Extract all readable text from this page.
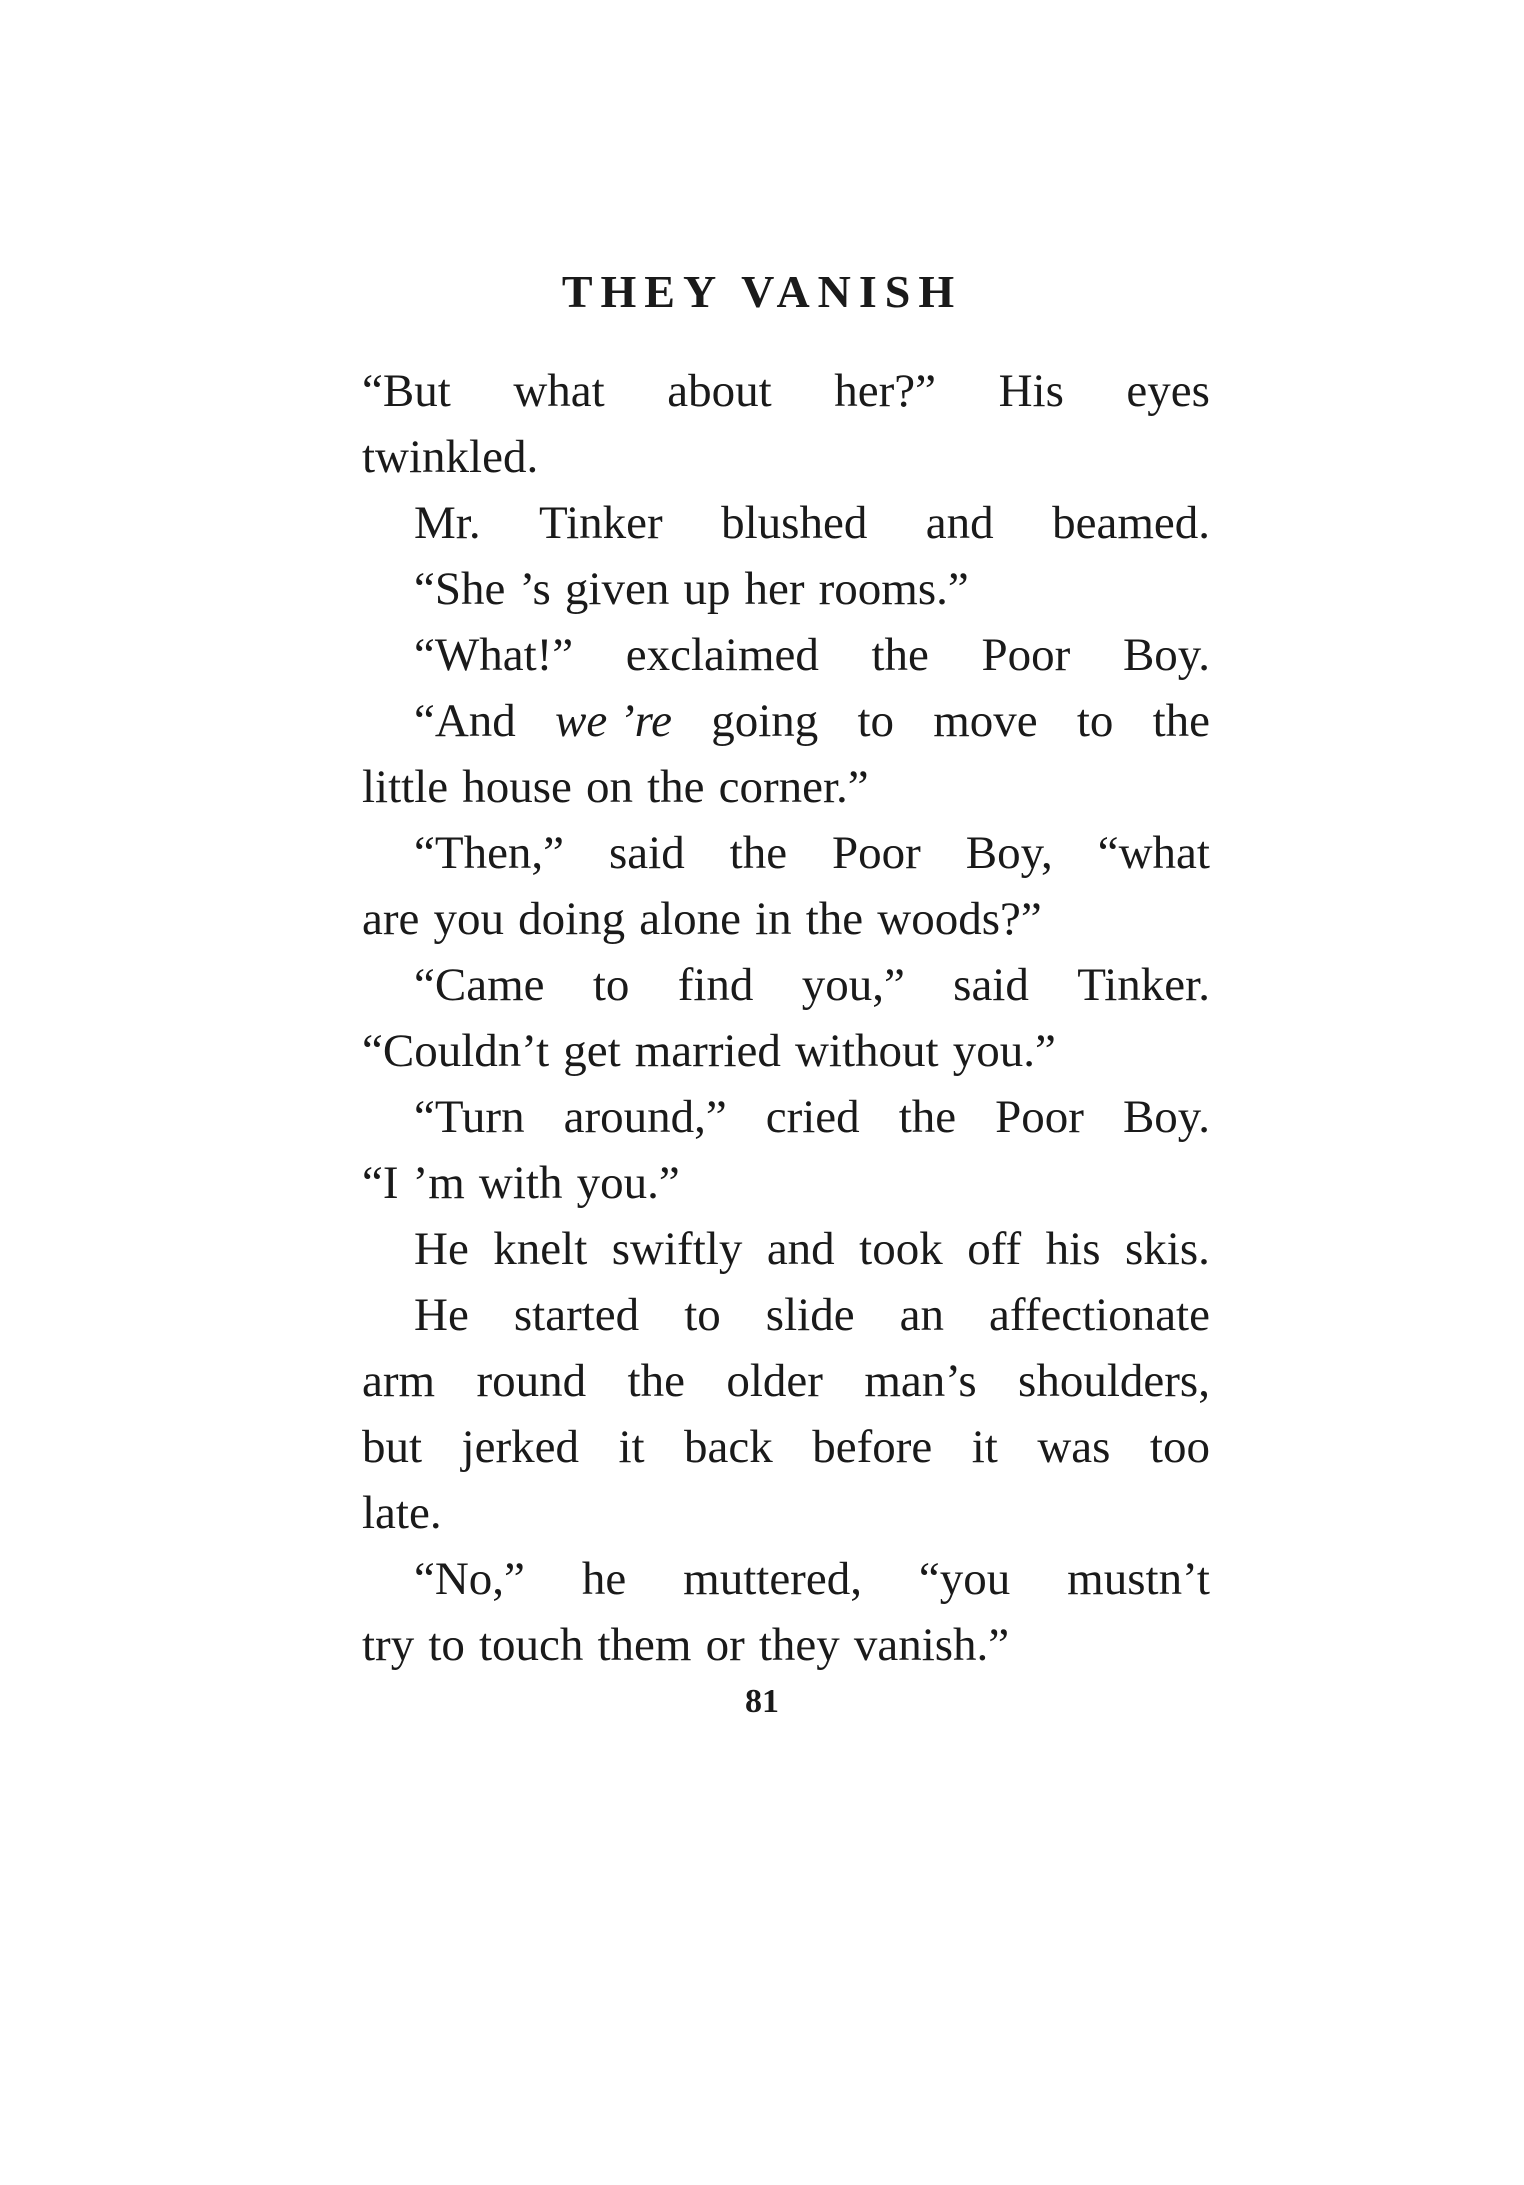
THEY VANISH
“But what about her?” His eyes
twinkled.
Mr. Tinker blushed and beamed.
“She ’s given up her rooms.”
“What!” exclaimed the Poor Boy.
“And we ’re going to move to the
little house on the corner.”
“Then,” said the Poor Boy, “what
are you doing alone in the woods?”
“Came to find you,” said Tinker.
“Couldn’t get married without you.”
“Turn around,” cried the Poor Boy.
“I ’m with you.”
He knelt swiftly and took off his skis.
He started to slide an affectionate
arm round the older man’s shoulders,
but jerked it back before it was too
late.
“No,” he muttered, “you mustn’t
try to touch them or they vanish.”
81
